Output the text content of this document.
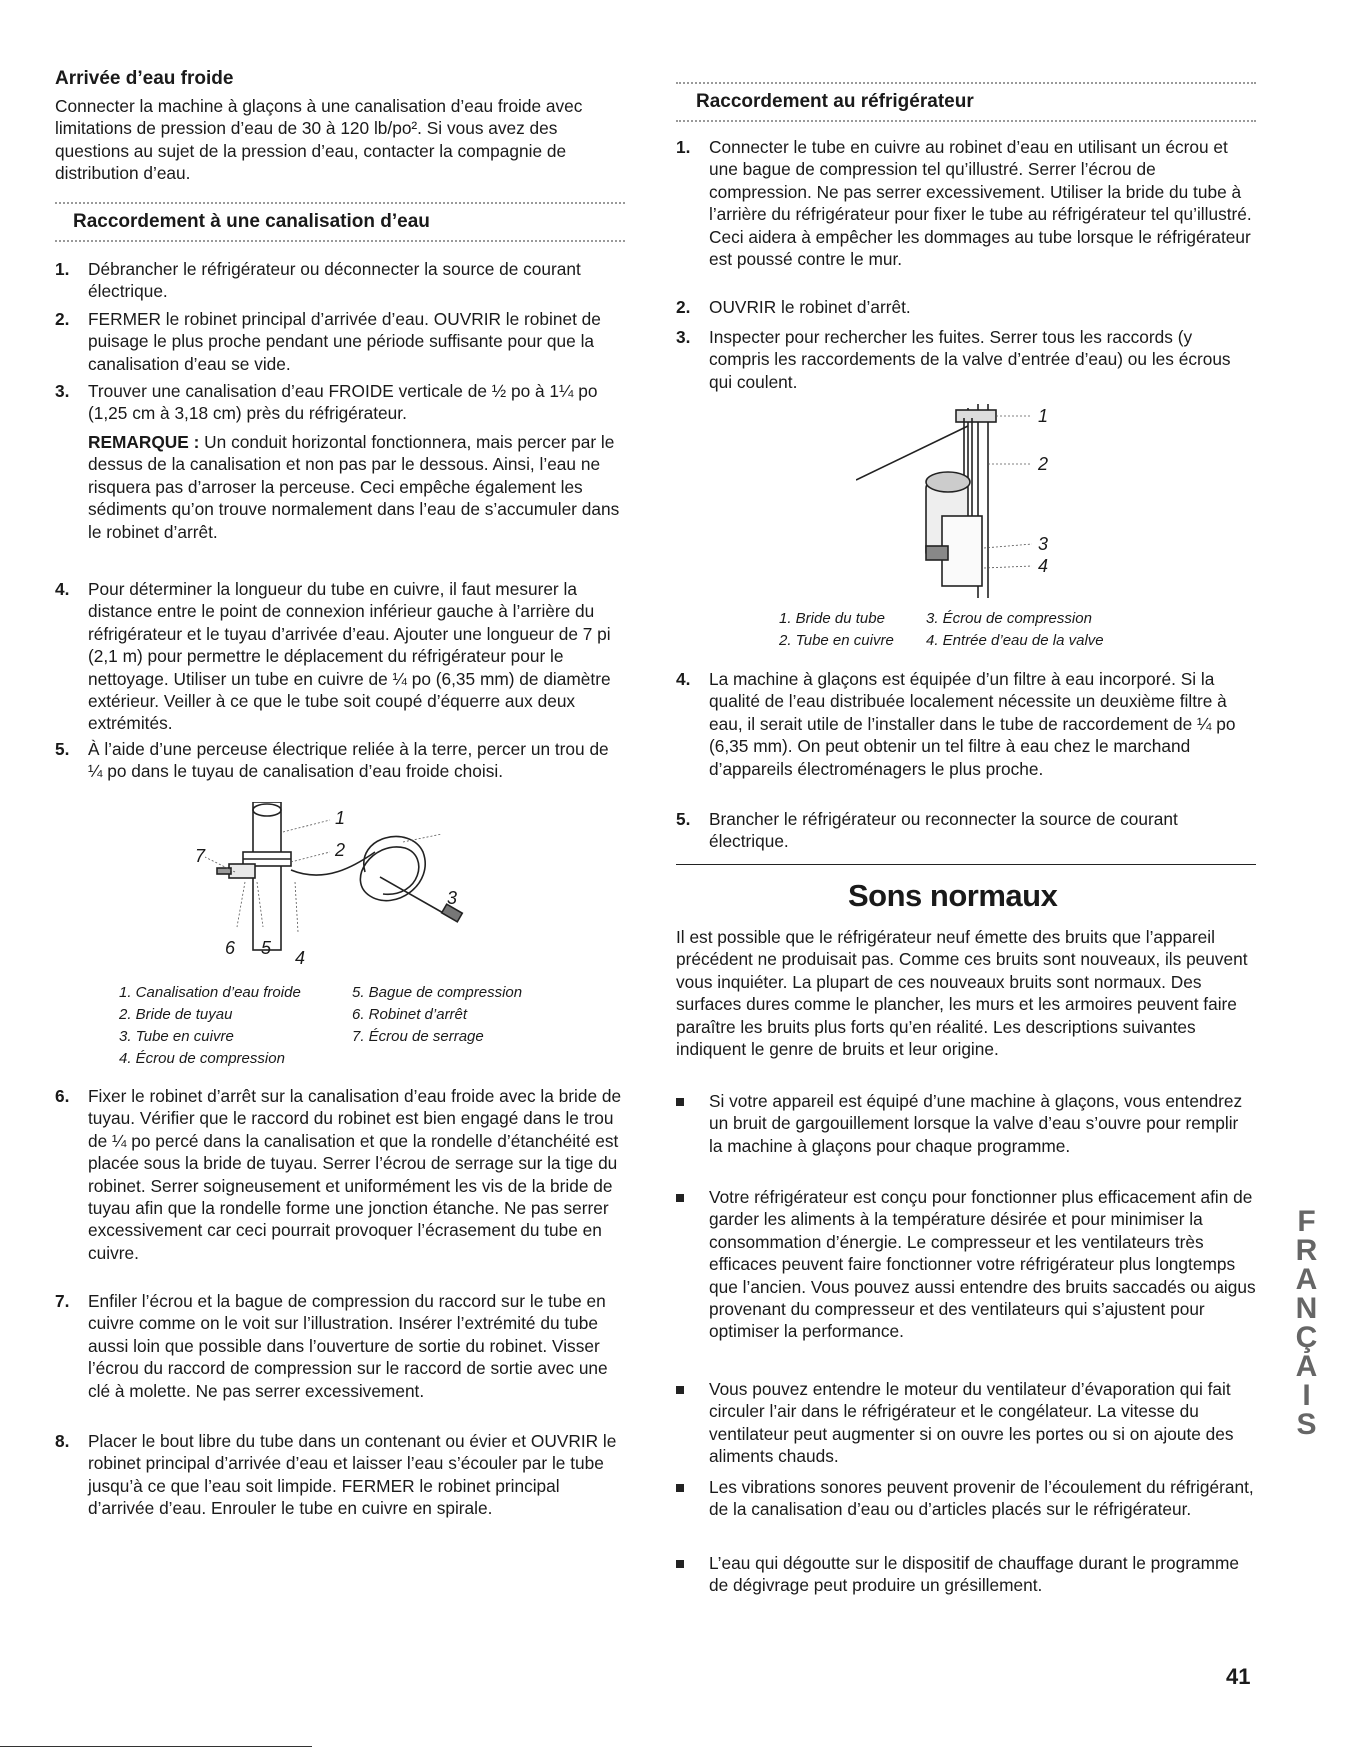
Arrivée d’eau froide
Connecter la machine à glaçons à une canalisation d’eau froide avec limitations de pression d’eau de 30 à 120 lb/po². Si vous avez des questions au sujet de la pression d’eau, contacter la compagnie de distribution d’eau.
Raccordement à une canalisation d’eau
1. Débrancher le réfrigérateur ou déconnecter la source de courant électrique.
2. FERMER le robinet principal d’arrivée d’eau. OUVRIR le robinet de puisage le plus proche pendant une période suffisante pour que la canalisation d’eau se vide.
3. Trouver une canalisation d’eau FROIDE verticale de ½ po à 1¼ po (1,25 cm à 3,18 cm) près du réfrigérateur.
REMARQUE : Un conduit horizontal fonctionnera, mais percer par le dessus de la canalisation et non pas par le dessous. Ainsi, l’eau ne risquera pas d’arroser la perceuse. Ceci empêche également les sédiments qu’on trouve normalement dans l’eau de s’accumuler dans le robinet d’arrêt.
4. Pour déterminer la longueur du tube en cuivre, il faut mesurer la distance entre le point de connexion inférieur gauche à l’arrière du réfrigérateur et le tuyau d’arrivée d’eau. Ajouter une longueur de 7 pi (2,1 m) pour permettre le déplacement du réfrigérateur pour le nettoyage. Utiliser un tube en cuivre de ¼ po (6,35 mm) de diamètre extérieur. Veiller à ce que le tube soit coupé d’équerre aux deux extrémités.
5. À l’aide d’une perceuse électrique reliée à la terre, percer un trou de ¼ po dans le tuyau de canalisation d’eau froide choisi.
1
2
3
4
5
6
7
1. Canalisation d’eau froide
2. Bride de tuyau
3. Tube en cuivre
4. Écrou de compression
5. Bague de compression
6. Robinet d’arrêt
7. Écrou de serrage
6. Fixer le robinet d’arrêt sur la canalisation d’eau froide avec la bride de tuyau. Vérifier que le raccord du robinet est bien engagé dans le trou de ¼ po percé dans la canalisation et que la rondelle d’étanchéité est placée sous la bride de tuyau. Serrer l’écrou de serrage sur la tige du robinet. Serrer soigneusement et uniformément les vis de la bride de tuyau afin que la rondelle forme une jonction étanche. Ne pas serrer excessivement car ceci pourrait provoquer l’écrasement du tube en cuivre.
7. Enfiler l’écrou et la bague de compression du raccord sur le tube en cuivre comme on le voit sur l’illustration. Insérer l’extrémité du tube aussi loin que possible dans l’ouverture de sortie du robinet. Visser l’écrou du raccord de compression sur le raccord de sortie avec une clé à molette. Ne pas serrer excessivement.
8. Placer le bout libre du tube dans un contenant ou évier et OUVRIR le robinet principal d’arrivée d’eau et laisser l’eau s’écouler par le tube jusqu’à ce que l’eau soit limpide. FERMER le robinet principal d’arrivée d’eau. Enrouler le tube en cuivre en spirale.
Raccordement au réfrigérateur
1. Connecter le tube en cuivre au robinet d’eau en utilisant un écrou et une bague de compression tel qu’illustré. Serrer l’écrou de compression. Ne pas serrer excessivement. Utiliser la bride du tube à l’arrière du réfrigérateur pour fixer le tube au réfrigérateur tel qu’illustré. Ceci aidera à empêcher les dommages au tube lorsque le réfrigérateur est poussé contre le mur.
2. OUVRIR le robinet d’arrêt.
3. Inspecter pour rechercher les fuites. Serrer tous les raccords (y compris les raccordements de la valve d’entrée d’eau) ou les écrous qui coulent.
1
2
3
4
1. Bride du tube
2. Tube en cuivre
3. Écrou de compression
4. Entrée d’eau de la valve
4. La machine à glaçons est équipée d’un filtre à eau incorporé. Si la qualité de l’eau distribuée localement nécessite un deuxième filtre à eau, il serait utile de l’installer dans le tube de raccordement de ¼ po (6,35 mm). On peut obtenir un tel filtre à eau chez le marchand d’appareils électroménagers le plus proche.
5. Brancher le réfrigérateur ou reconnecter la source de courant électrique.
Sons normaux
Il est possible que le réfrigérateur neuf émette des bruits que l’appareil précédent ne produisait pas. Comme ces bruits sont nouveaux, ils peuvent vous inquiéter. La plupart de ces nouveaux bruits sont normaux. Des surfaces dures comme le plancher, les murs et les armoires peuvent faire paraître les bruits plus forts qu’en réalité. Les descriptions suivantes indiquent le genre de bruits et leur origine.
Si votre appareil est équipé d’une machine à glaçons, vous entendrez un bruit de gargouillement lorsque la valve d’eau s’ouvre pour remplir la machine à glaçons pour chaque programme.
Votre réfrigérateur est conçu pour fonctionner plus efficacement afin de garder les aliments à la température désirée et pour minimiser la consommation d’énergie. Le compresseur et les ventilateurs très efficaces peuvent faire fonctionner votre réfrigérateur plus longtemps que l’ancien. Vous pouvez aussi entendre des bruits saccadés ou aigus provenant du compresseur et des ventilateurs qui s’ajustent pour optimiser la performance.
Vous pouvez entendre le moteur du ventilateur d’évaporation qui fait circuler l’air dans le réfrigérateur et le congélateur. La vitesse du ventilateur peut augmenter si on ouvre les portes ou si on ajoute des aliments chauds.
Les vibrations sonores peuvent provenir de l’écoulement du réfrigérant, de la canalisation d’eau ou d’articles placés sur le réfrigérateur.
L’eau qui dégoutte sur le dispositif de chauffage durant le programme de dégivrage peut produire un grésillement.
FRANÇAIS
41
